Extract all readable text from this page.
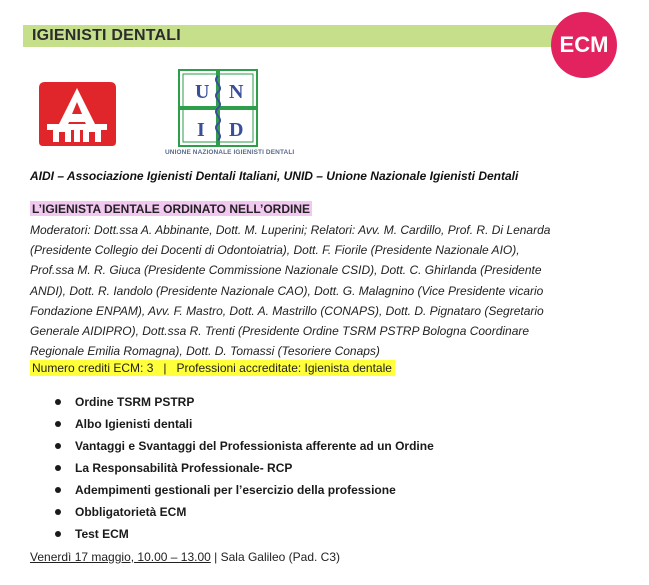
IGIENISTI DENTALI	ECM
U N
I D
UNIONE NAZIONALE IGIENISTI DENTALI
AIDI – Associazione Igienisti Dentali Italiani, UNID – Unione Nazionale Igienisti Dentali
L’IGIENISTA DENTALE ORDINATO NELL’ORDINE
Moderatori: Dott.ssa A. Abbinante, Dott. M. Luperini; Relatori: Avv. M. Cardillo, Prof. R. Di Lenarda
(Presidente Collegio dei Docenti di Odontoiatria), Dott. F. Fiorile (Presidente Nazionale AIO),
Prof.ssa M. R. Giuca (Presidente Commissione Nazionale CSID), Dott. C. Ghirlanda (Presidente
ANDI), Dott. R. Iandolo (Presidente Nazionale CAO), Dott. G. Malagnino (Vice Presidente vicario
Fondazione ENPAM), Avv. F. Mastro, Dott. A. Mastrillo (CONAPS), Dott. D. Pignataro (Segretario
Generale AIDIPRO), Dott.ssa R. Trenti (Presidente Ordine TSRM PSTRP Bologna Coordinare
Regionale Emilia Romagna), Dott. D. Tomassi (Tesoriere Conaps)
Numero crediti ECM: 3   |   Professioni accreditate: Igienista dentale
Ordine TSRM PSTRP
Albo Igienisti dentali
Vantaggi e Svantaggi del Professionista afferente ad un Ordine
La Responsabilità Professionale- RCP
Adempimenti gestionali per l’esercizio della professione
Obbligatorietà ECM
Test ECM
Venerdì 17 maggio, 10.00 – 13.00 | Sala Galileo (Pad. C3)
